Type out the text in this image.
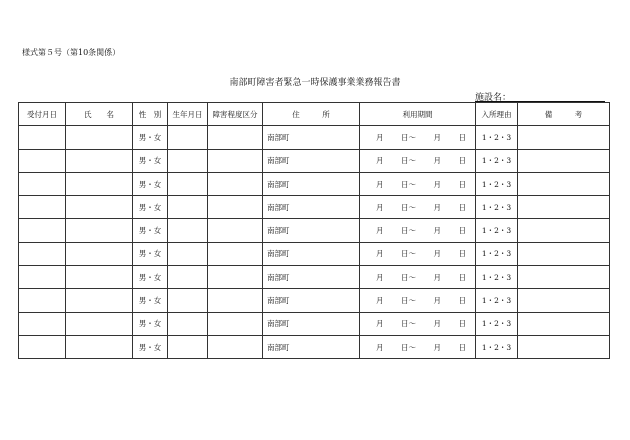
様式第５号（第10条関係）
南部町障害者緊急一時保護事業業務報告書
施設名：
受付月日	氏　　名	性　別	生年月日	障害程度区分	住　　　所	利用期間	入所理由	備　　　考
		男・女			南部町	月 日～ 月 日	1・2・3	
		男・女			南部町	月 日～ 月 日	1・2・3	
		男・女			南部町	月 日～ 月 日	1・2・3	
		男・女			南部町	月 日～ 月 日	1・2・3	
		男・女			南部町	月 日～ 月 日	1・2・3	
		男・女			南部町	月 日～ 月 日	1・2・3	
		男・女			南部町	月 日～ 月 日	1・2・3	
		男・女			南部町	月 日～ 月 日	1・2・3	
		男・女			南部町	月 日～ 月 日	1・2・3	
		男・女			南部町	月 日～ 月 日	1・2・3	
